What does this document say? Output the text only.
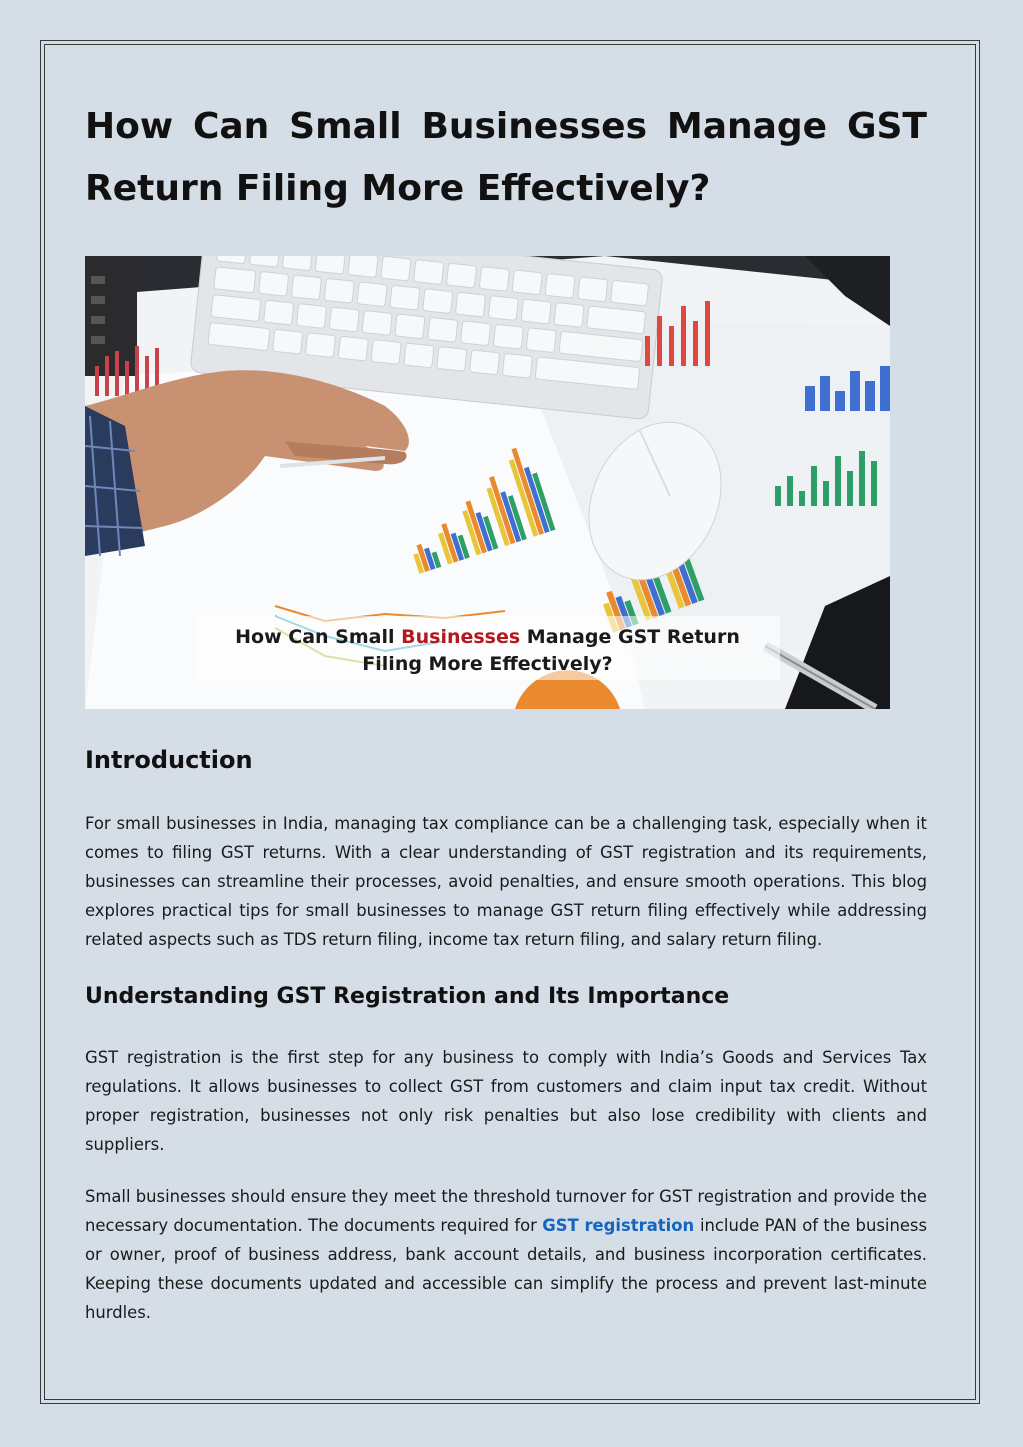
How Can Small Businesses Manage GST Return Filing More Effectively?
How Can Small Businesses Manage GST Return
Filing More Effectively?
Introduction

For small businesses in India, managing tax compliance can be a challenging task, especially when it comes to filing GST returns. With a clear understanding of GST registration and its requirements, businesses can streamline their processes, avoid penalties, and ensure smooth operations. This blog explores practical tips for small businesses to manage GST return filing effectively while addressing related aspects such as TDS return filing, income tax return filing, and salary return filing.

Understanding GST Registration and Its Importance

GST registration is the first step for any business to comply with India’s Goods and Services Tax regulations. It allows businesses to collect GST from customers and claim input tax credit. Without proper registration, businesses not only risk penalties but also lose credibility with clients and suppliers.

Small businesses should ensure they meet the threshold turnover for GST registration and provide the necessary documentation. The documents required for GST registration include PAN of the business or owner, proof of business address, bank account details, and business incorporation certificates. Keeping these documents updated and accessible can simplify the process and prevent last-minute hurdles.
